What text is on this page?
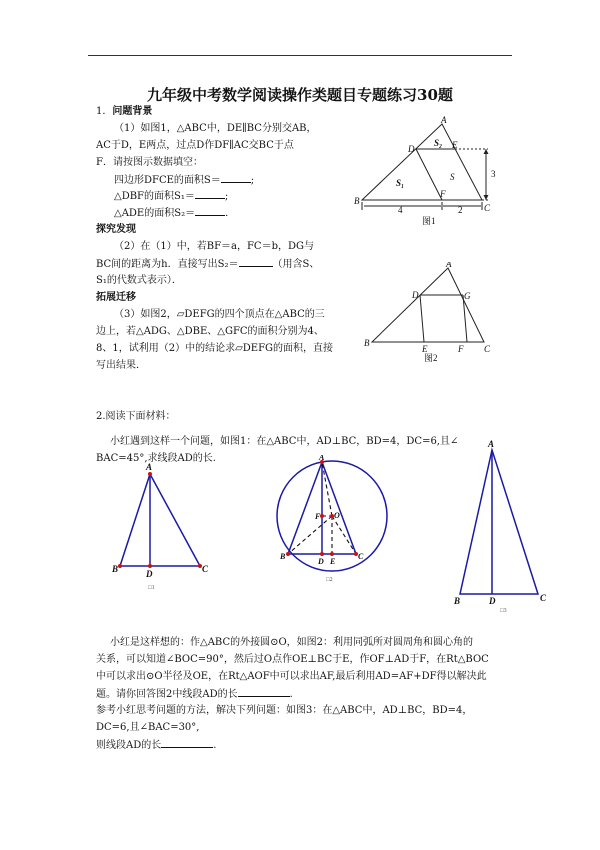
九年级中考数学阅读操作类题目专题练习30题
1．问题背景
（1）如图1，△ABC中，DE∥BC分别交AB，
AC于D，E两点，过点D作DF∥AC交BC于点
F．请按图示数据填空：
四边形DFCE的面积S＝	;
△DBF的面积S₁＝	;
△ADE的面积S₂＝	．
探究发现
（2）在（1）中，若BF＝a，FC＝b，DG与
BC间的距离为h．直接写出S₂＝	（用含S、
S₁的代数式表示）．
拓展迁移
（3）如图2，▱DEFG的四个顶点在△ABC的三
边上，若△ADG、△DBE、△GFC的面积分别为4、
8、1，试利用（2）中的结论求▱DEFG的面积，直接
写出结果．
A
B
C
D	E
F
S
S₁
S₂
4	2
3
图1
A
B
C
D	G
E	F
图2
2.阅读下面材料：
小红遇到这样一个问题，如图1：在△ABC中，AD⊥BC，BD=4，DC=6,且∠
BAC=45°,求线段AD的长.
A
B	C
D
□1
A
B	C
D E
F O
□2
A
B	C
D
□3
小红是这样想的：作△ABC的外接圆⊙O，如图2：利用同弧所对圆周角和圆心角的
关系，可以知道∠BOC=90°，然后过O点作OE⊥BC于E，作OF⊥AD于F，在Rt△BOC
中可以求出⊙O半径及OE，在Rt△AOF中可以求出AF,最后利用AD=AF+DF得以解决此
题。请你回答图2中线段AD的长	.
参考小红思考问题的方法，解决下列问题：如图3：在△ABC中，AD⊥BC，BD=4，
DC=6,且∠BAC=30°,
则线段AD的长	.
